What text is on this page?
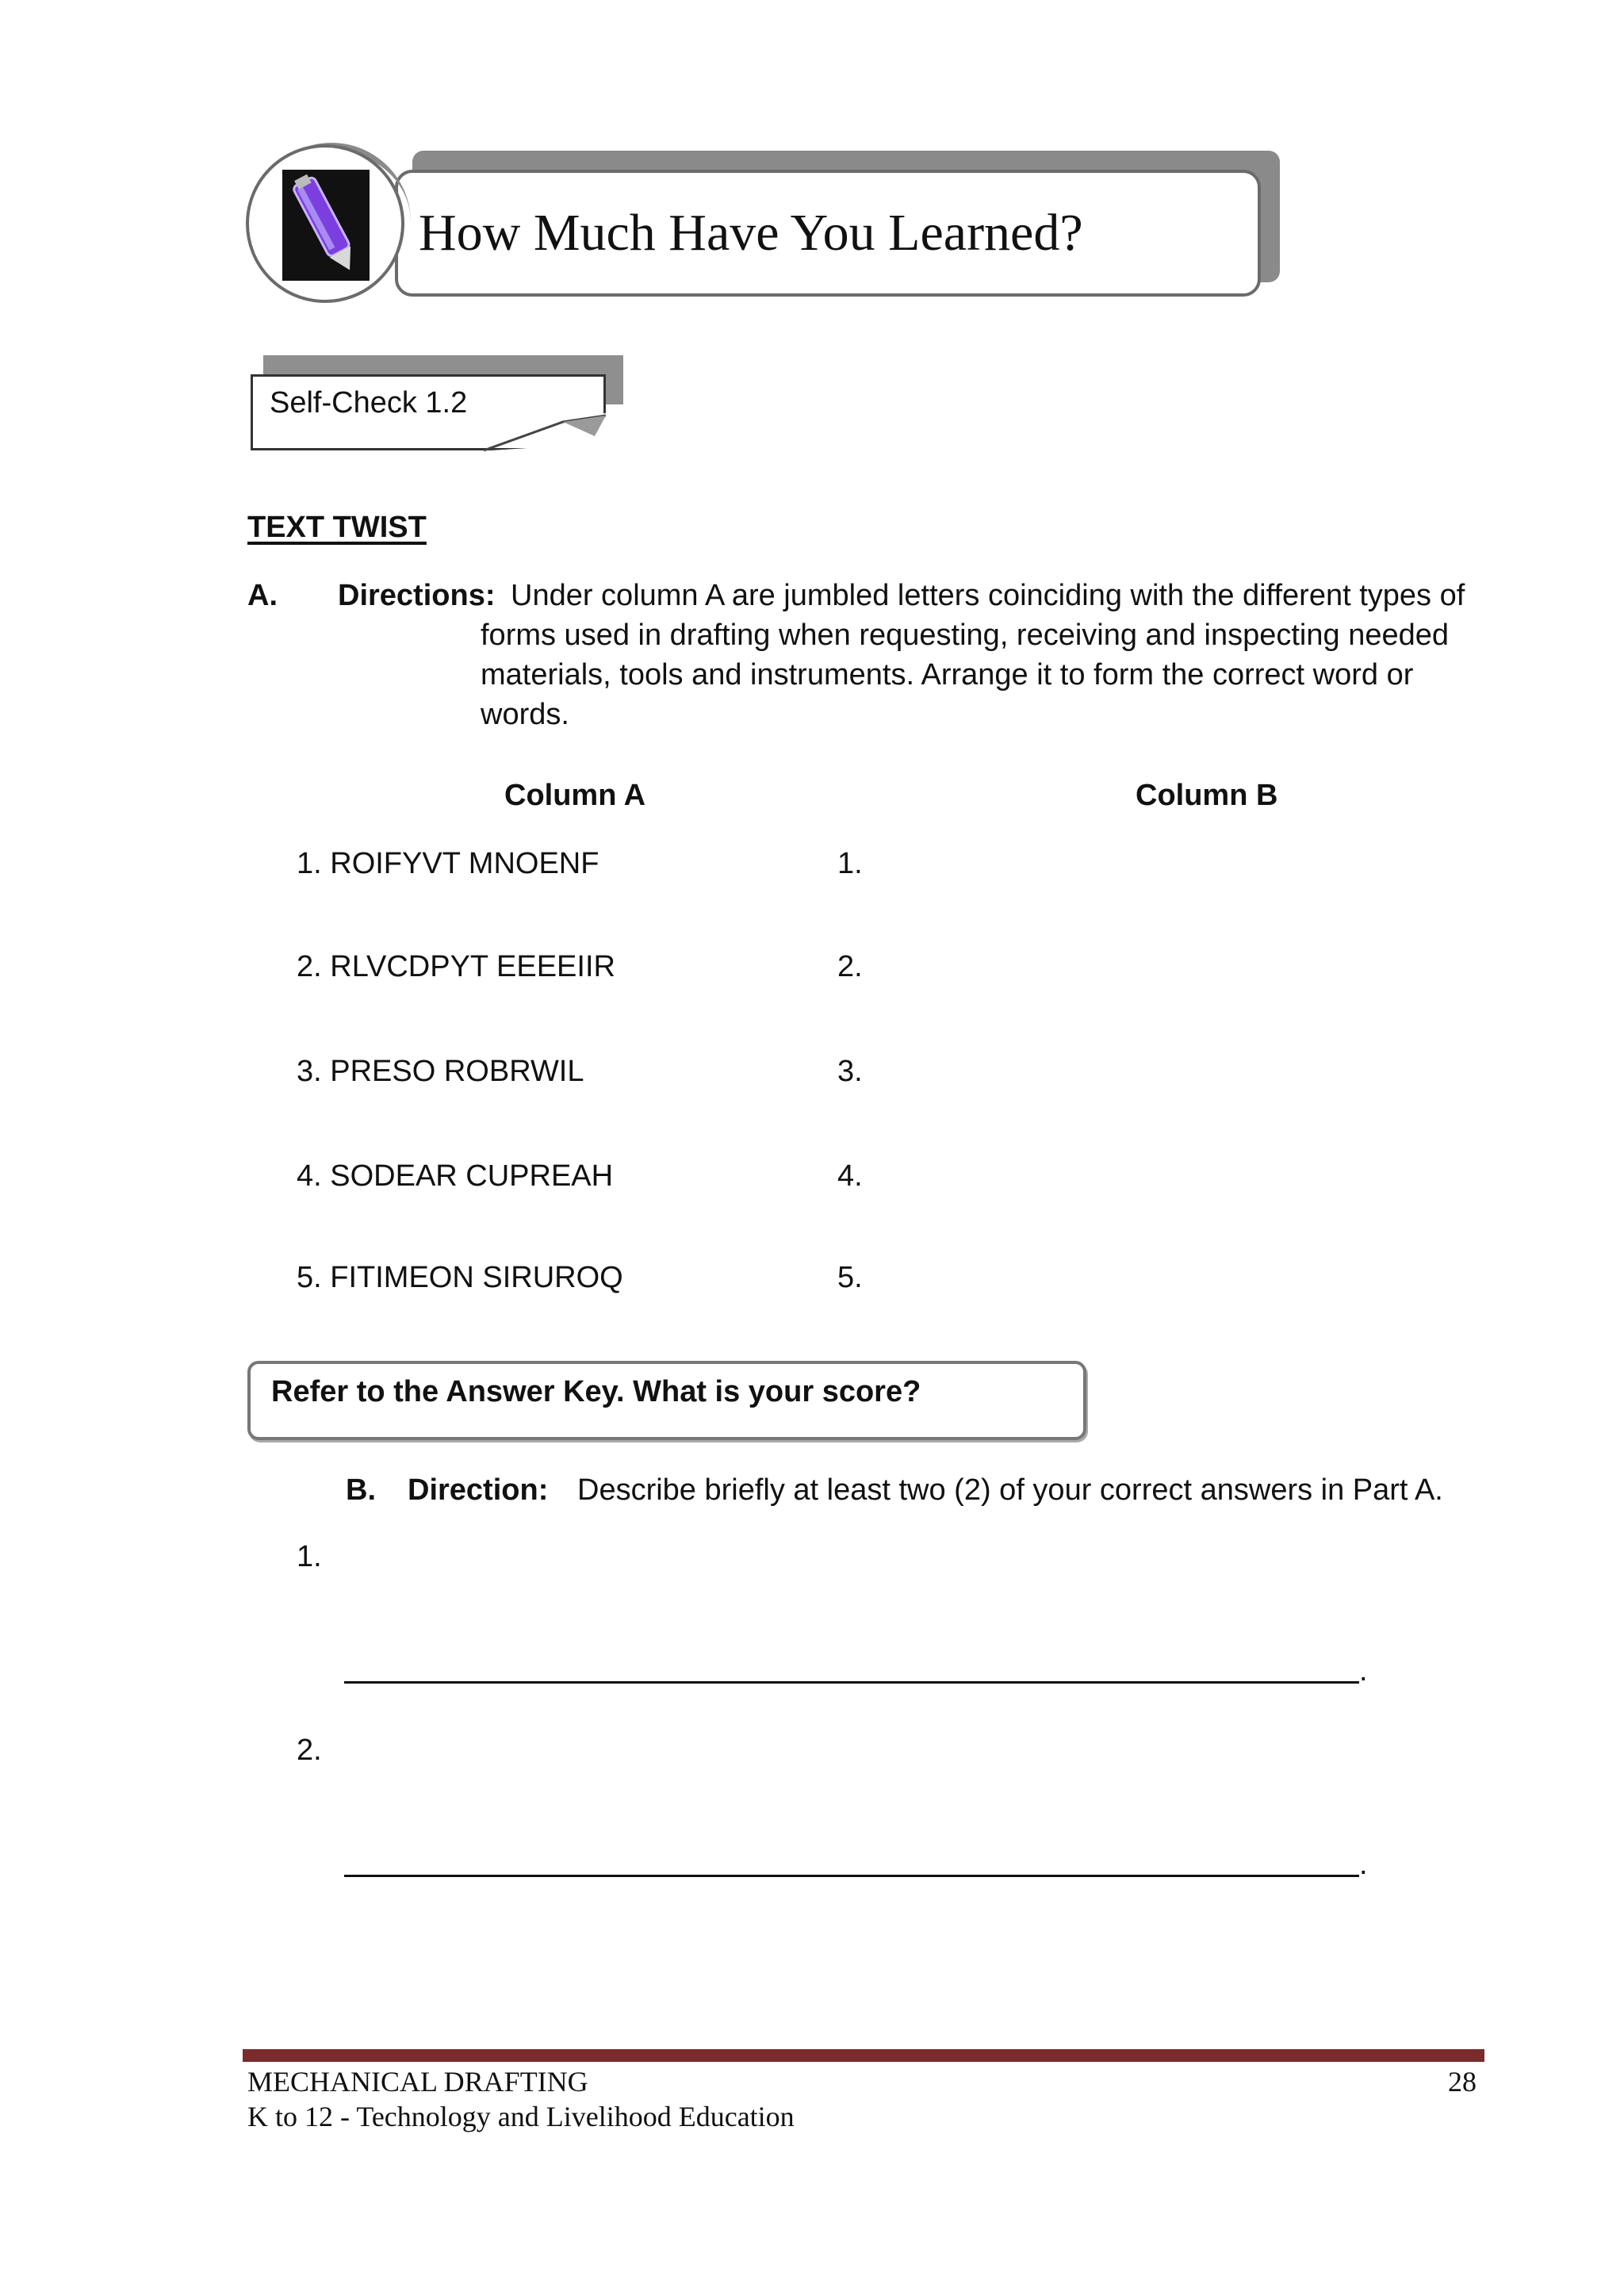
How Much Have You Learned?
Self-Check 1.2
TEXT TWIST
A. Directions: Under column A are jumbled letters coinciding with the different types of
forms used in drafting when requesting, receiving and inspecting needed
materials, tools and instruments. Arrange it to form the correct word or
words.
Column A	Column B
1. ROIFYVT MNOENF
2. RLVCDPYT EEEEIIR
3. PRESO ROBRWIL
4. SODEAR CUPREAH
5. FITIMEON SIRUROQ
1.
2.
3.
4.
5.
Refer to the Answer Key. What is your score?
B. Direction: Describe briefly at least two (2) of your correct answers in Part A.
1.
.
2.
.
MECHANICAL DRAFTING
K to 12 - Technology and Livelihood Education
28
